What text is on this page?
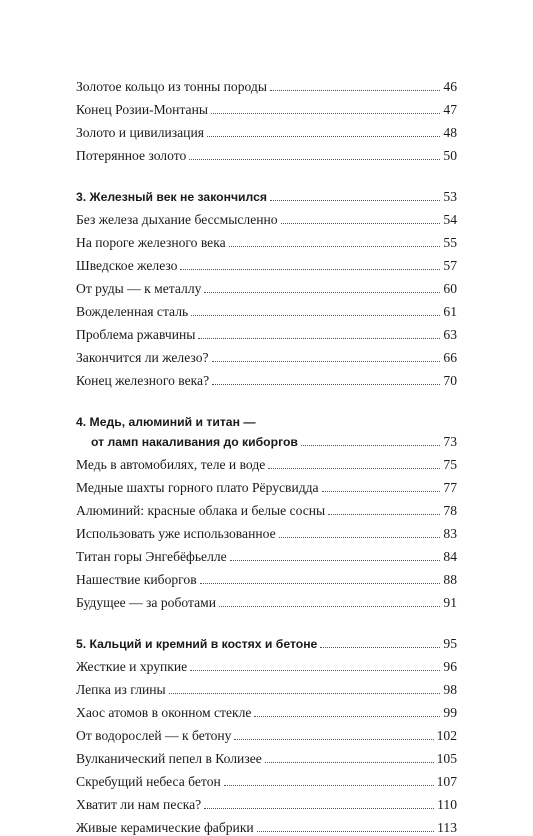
Золотое кольцо из тонны породы	46
Конец Розии-Монтаны	47
Золото и цивилизация	48
Потерянное золото	50
3. Железный век не закончился	53
Без железа дыхание бессмысленно	54
На пороге железного века	55
Шведское железо	57
От руды — к металлу	60
Вожделенная сталь	61
Проблема ржавчины	63
Закончится ли железо?	66
Конец железного века?	70
4. Медь, алюминий и титан —
от ламп накаливания до киборгов	73
Медь в автомобилях, теле и воде	75
Медные шахты горного плато Рёрусвидда	77
Алюминий: красные облака и белые сосны	78
Использовать уже использованное	83
Титан горы Энгебёфьелле	84
Нашествие киборгов	88
Будущее — за роботами	91
5. Кальций и кремний в костях и бетоне	95
Жесткие и хрупкие	96
Лепка из глины	98
Хаос атомов в оконном стекле	99
От водорослей — к бетону	102
Вулканический пепел в Колизее	105
Скребущий небеса бетон	107
Хватит ли нам песка?	110
Живые керамические фабрики	113
